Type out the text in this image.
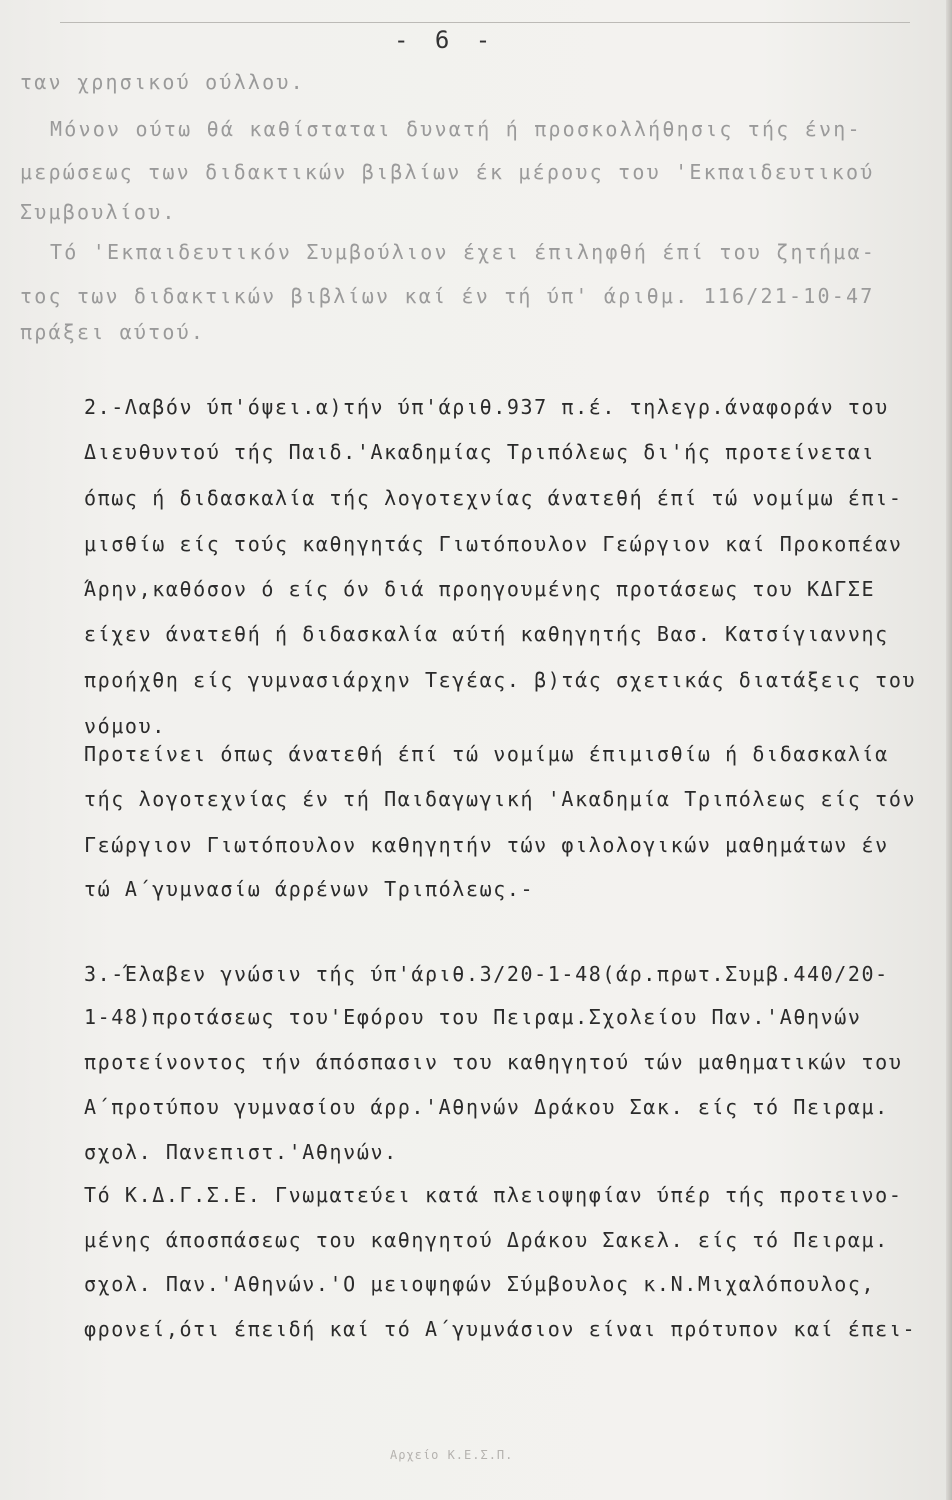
- 6 -
ταν χρησικού ούλλου.
Μόνον ούτω θά καθίσταται δυνατή ή προσκολλήθησις τής ένη-
μερώσεως των διδακτικών βιβλίων έκ μέρους του 'Εκπαιδευτικού
Συμβουλίου.
Τό 'Εκπαιδευτικόν Συμβούλιον έχει έπιληφθή έπί του ζητήμα-
τος των διδακτικών βιβλίων καί έν τή ύπ' άριθμ. 116/21-10-47
πράξει αύτού.
2.-Λαβόν ύπ'όψει.α)τήν ύπ'άριθ.937 π.έ. τηλεγρ.άναφοράν του
Διευθυντού τής Παιδ.'Ακαδημίας Τριπόλεως δι'ής προτείνεται
όπως ή διδασκαλία τής λογοτεχνίας άνατεθή έπί τώ νομίμω έπι-
μισθίω είς τούς καθηγητάς Γιωτόπουλον Γεώργιον καί Προκοπέαν
Άρην,καθόσον ό είς όν διά προηγουμένης προτάσεως του ΚΔΓΣΕ
είχεν άνατεθή ή διδασκαλία αύτή καθηγητής Βασ. Κατσίγιαννης
προήχθη είς γυμνασιάρχην Τεγέας. β)τάς σχετικάς διατάξεις του
νόμου.
Προτείνει όπως άνατεθή έπί τώ νομίμω έπιμισθίω ή διδασκαλία
τής λογοτεχνίας έν τή Παιδαγωγική 'Ακαδημία Τριπόλεως είς τόν
Γεώργιον Γιωτόπουλον καθηγητήν τών φιλολογικών μαθημάτων έν
τώ Α΄γυμνασίω άρρένων Τριπόλεως.-
3.-Έλαβεν γνώσιν τής ύπ'άριθ.3/20-1-48(άρ.πρωτ.Συμβ.440/20-
1-48)προτάσεως του'Εφόρου του Πειραμ.Σχολείου Παν.'Αθηνών
προτείνοντος τήν άπόσπασιν του καθηγητού τών μαθηματικών του
Α΄προτύπου γυμνασίου άρρ.'Αθηνών Δράκου Σακ. είς τό Πειραμ.
σχολ. Πανεπιστ.'Αθηνών.
Τό Κ.Δ.Γ.Σ.Ε. Γνωματεύει κατά πλειοψηφίαν ύπέρ τής προτεινο-
μένης άποσπάσεως του καθηγητού Δράκου Σακελ. είς τό Πειραμ.
σχολ. Παν.'Αθηνών.'Ο μειοψηφών Σύμβουλος κ.Ν.Μιχαλόπουλος,
φρονεί,ότι έπειδή καί τό Α΄γυμνάσιον είναι πρότυπον καί έπει-
Αρχείο Κ.Ε.Σ.Π.
